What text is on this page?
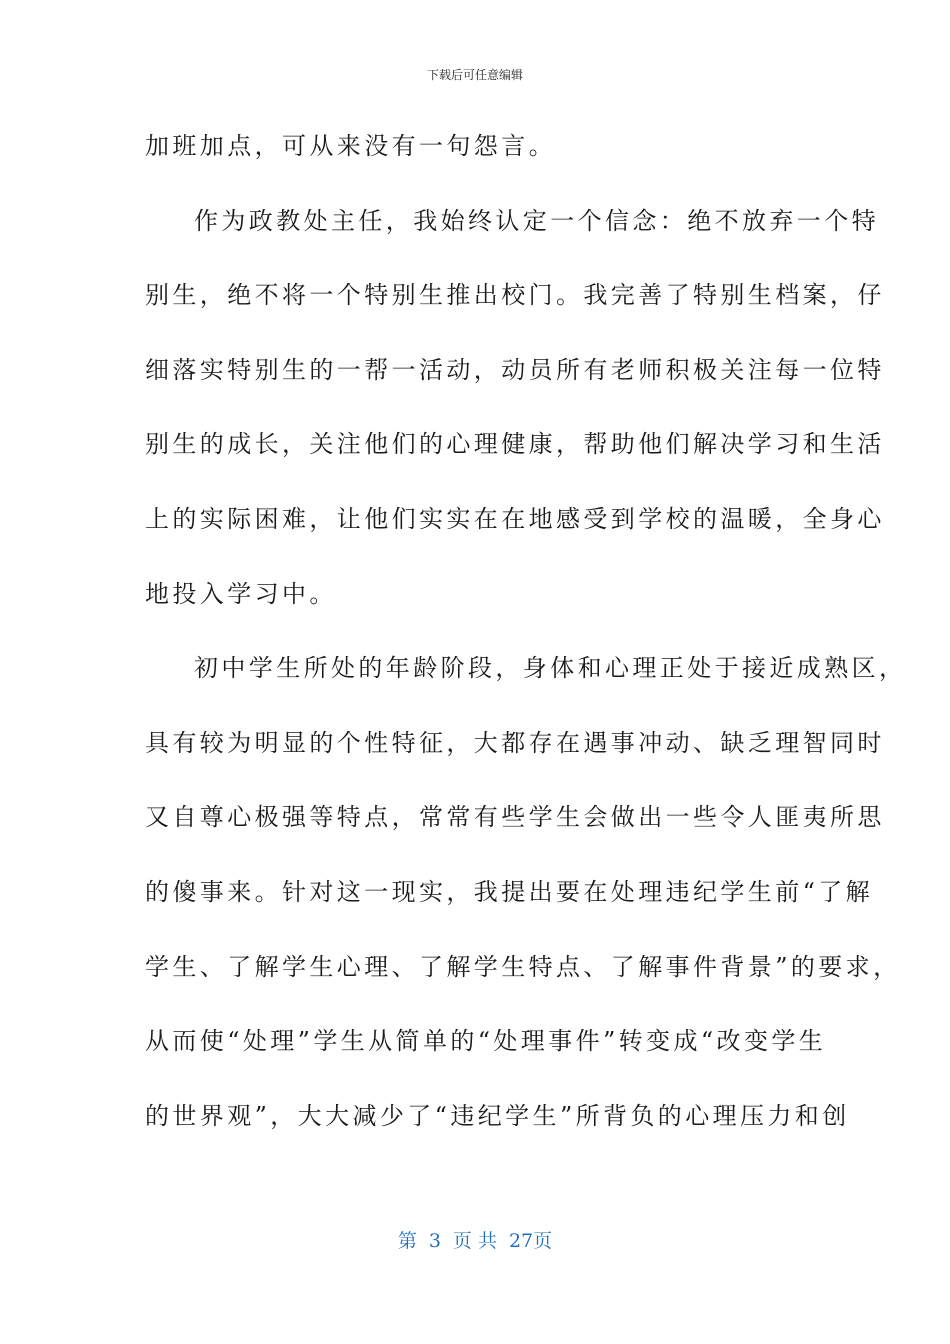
下载后可任意编辑
加班加点，可从来没有一句怨言。
作为政教处主任，我始终认定一个信念：绝不放弃一个特
别生，绝不将一个特别生推出校门。我完善了特别生档案，仔
细落实特别生的一帮一活动，动员所有老师积极关注每一位特
别生的成长，关注他们的心理健康，帮助他们解决学习和生活
上的实际困难，让他们实实在在地感受到学校的温暖，全身心
地投入学习中。
初中学生所处的年龄阶段，身体和心理正处于接近成熟区，
具有较为明显的个性特征，大都存在遇事冲动、缺乏理智同时
又自尊心极强等特点，常常有些学生会做出一些令人匪夷所思
的傻事来。针对这一现实，我提出要在处理违纪学生前“了解
学生、了解学生心理、了解学生特点、了解事件背景”的要求，
从而使“处理”学生从简单的“处理事件”转变成“改变学生
的世界观”，大大减少了“违纪学生”所背负的心理压力和创
第 3 页 共 27页
